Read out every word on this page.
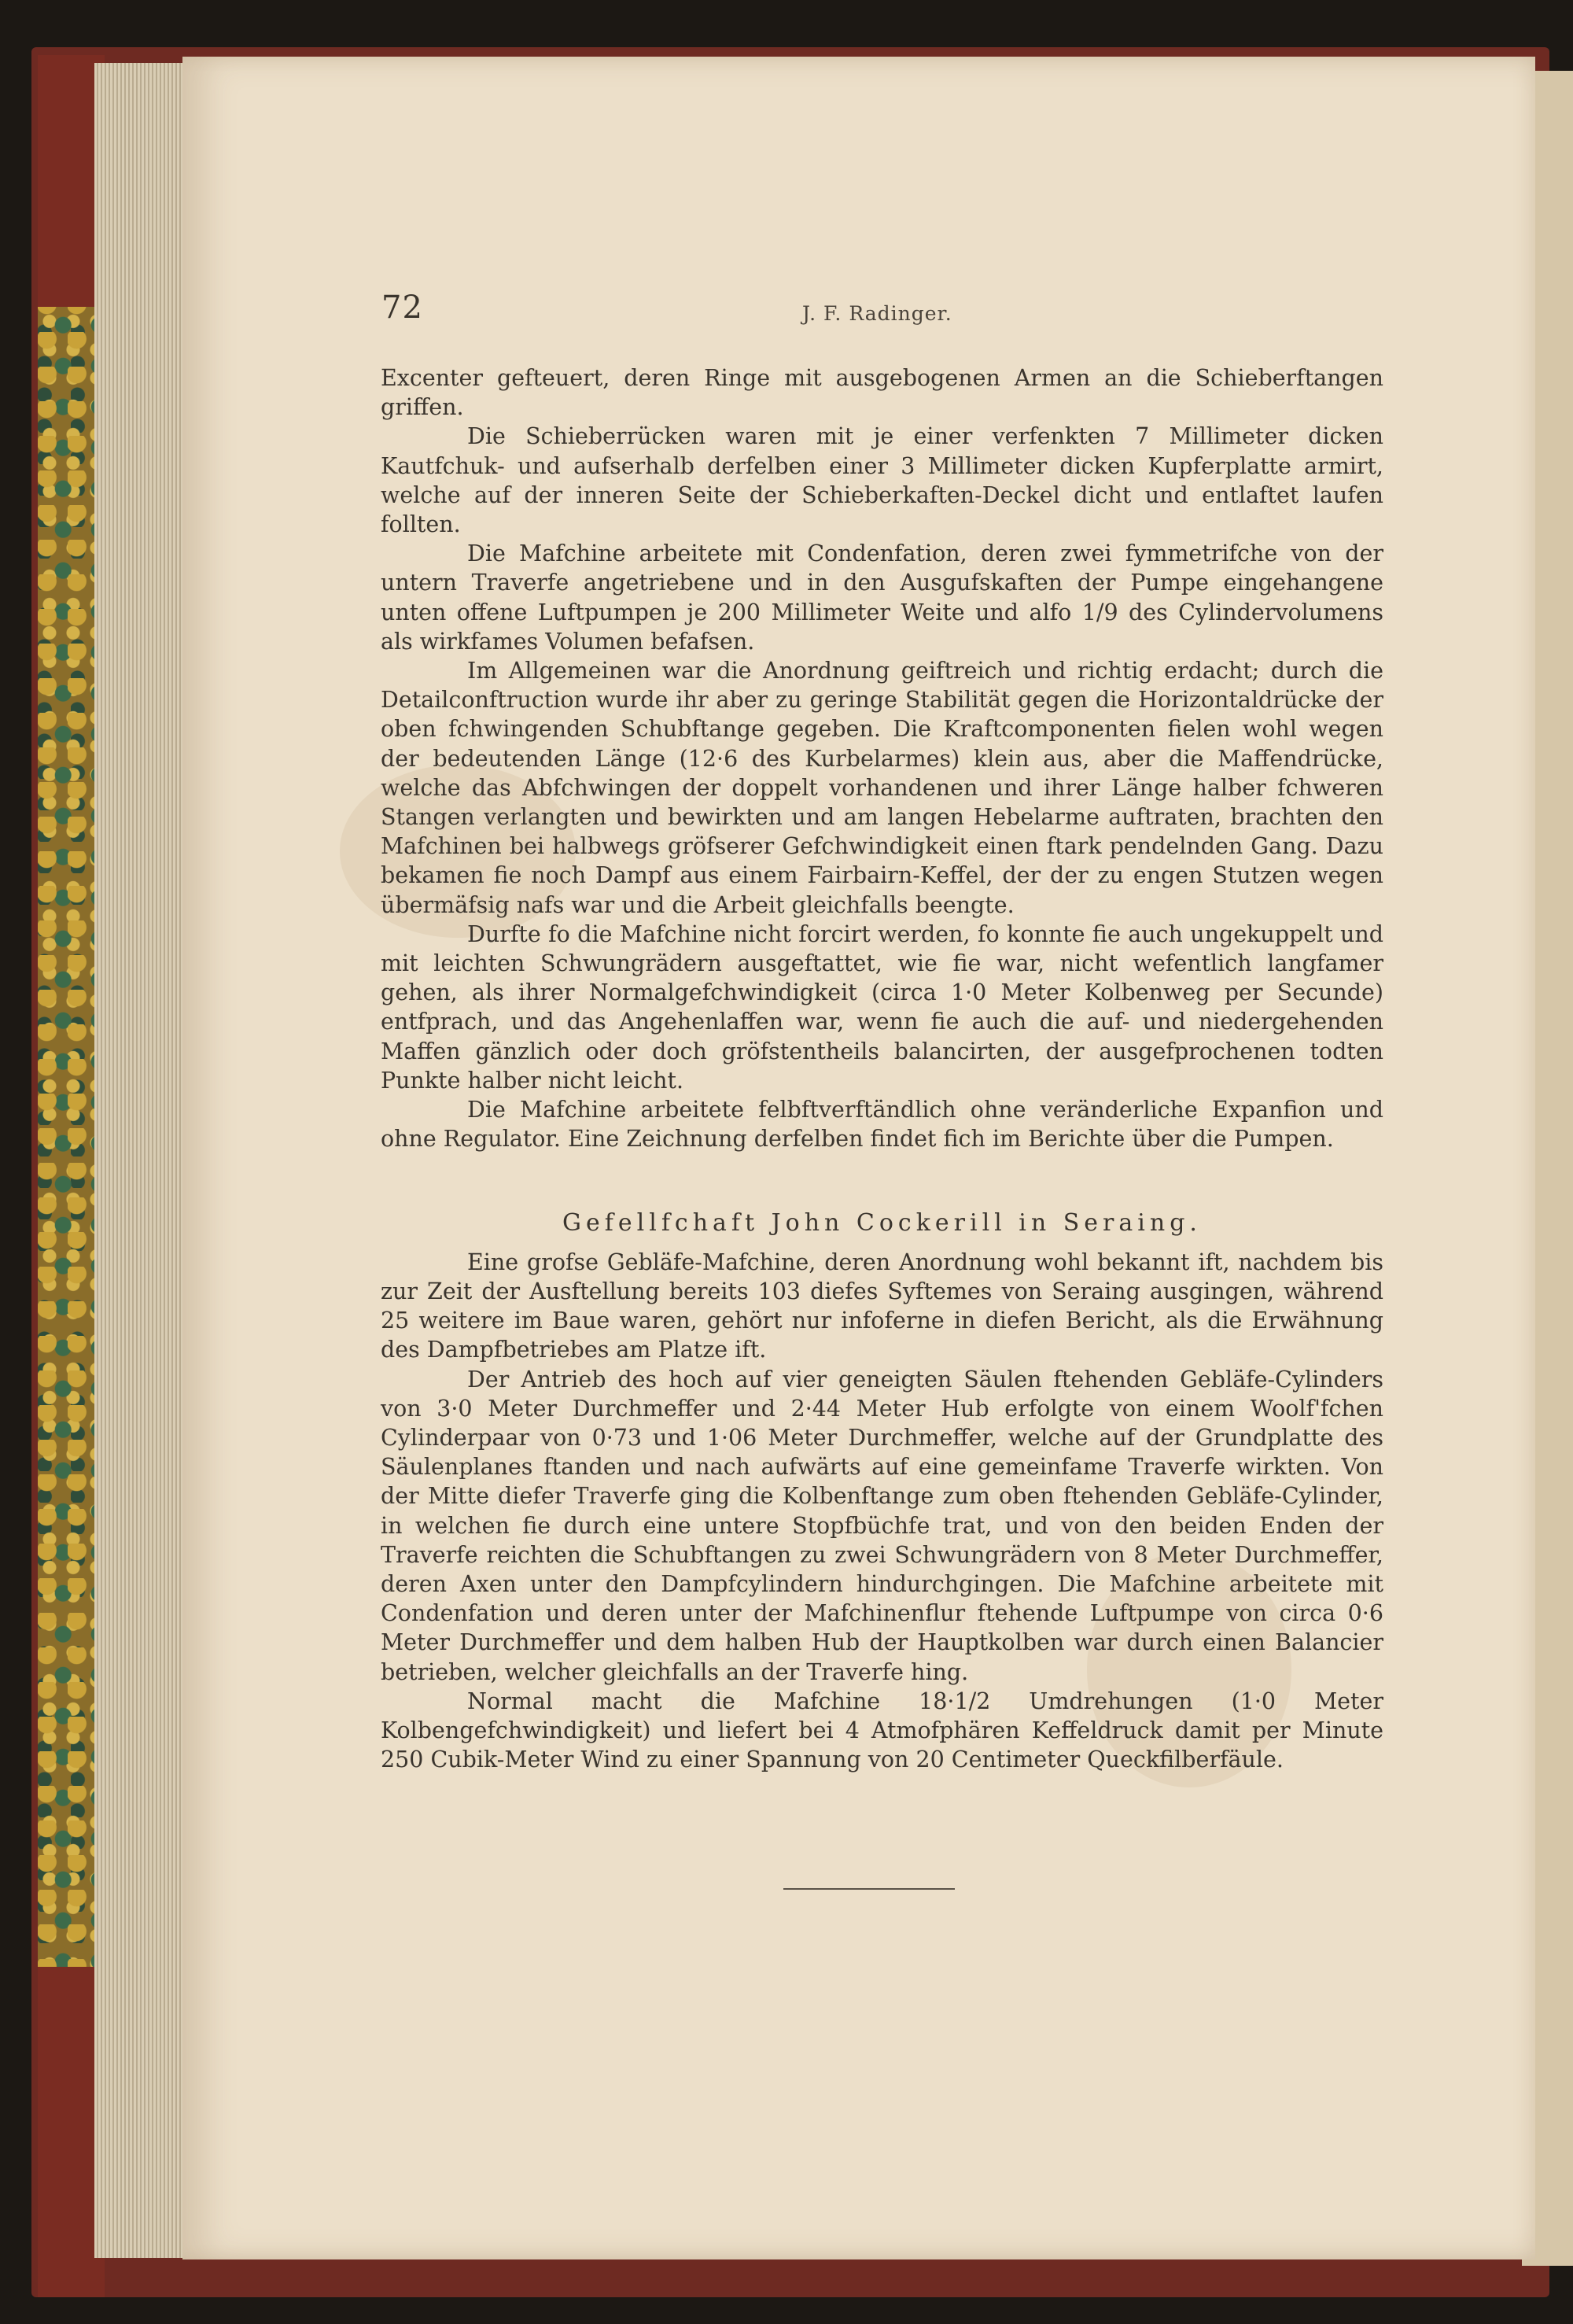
72	J. F. Radinger.

Excenter gefteuert, deren Ringe mit ausgebogenen Armen an die Schieberftangen griffen.

Die Schieberrücken waren mit je einer verfenkten 7 Millimeter dicken Kautfchuk- und aufserhalb derfelben einer 3 Millimeter dicken Kupferplatte armirt, welche auf der inneren Seite der Schieberkaften-Deckel dicht und entlaftet laufen follten.

Die Mafchine arbeitete mit Condenfation, deren zwei fymmetrifche von der untern Traverfe angetriebene und in den Ausgufskaften der Pumpe eingehangene unten offene Luftpumpen je 200 Millimeter Weite und alfo 1/9 des Cylindervolumens als wirkfames Volumen befafsen.

Im Allgemeinen war die Anordnung geiftreich und richtig erdacht; durch die Detailconftruction wurde ihr aber zu geringe Stabilität gegen die Horizontaldrücke der oben fchwingenden Schubftange gegeben. Die Kraftcomponenten fielen wohl wegen der bedeutenden Länge (12·6 des Kurbelarmes) klein aus, aber die Maffendrücke, welche das Abfchwingen der doppelt vorhandenen und ihrer Länge halber fchweren Stangen verlangten und bewirkten und am langen Hebelarme auftraten, brachten den Mafchinen bei halbwegs gröfserer Gefchwindigkeit einen ftark pendelnden Gang. Dazu bekamen fie noch Dampf aus einem Fairbairn-Keffel, der der zu engen Stutzen wegen übermäfsig nafs war und die Arbeit gleichfalls beengte.

Durfte fo die Mafchine nicht forcirt werden, fo konnte fie auch ungekuppelt und mit leichten Schwungrädern ausgeftattet, wie fie war, nicht wefentlich langfamer gehen, als ihrer Normalgefchwindigkeit (circa 1·0 Meter Kolbenweg per Secunde) entfprach, und das Angehenlaffen war, wenn fie auch die auf- und niedergehenden Maffen gänzlich oder doch gröfstentheils balancirten, der ausgefprochenen todten Punkte halber nicht leicht.

Die Mafchine arbeitete felbftverftändlich ohne veränderliche Expanfion und ohne Regulator. Eine Zeichnung derfelben findet fich im Berichte über die Pumpen.

Gefellfchaft John Cockerill in Seraing.

Eine grofse Gebläfe-Mafchine, deren Anordnung wohl bekannt ift, nachdem bis zur Zeit der Ausftellung bereits 103 diefes Syftemes von Seraing ausgingen, während 25 weitere im Baue waren, gehört nur infoferne in diefen Bericht, als die Erwähnung des Dampfbetriebes am Platze ift.

Der Antrieb des hoch auf vier geneigten Säulen ftehenden Gebläfe-Cylinders von 3·0 Meter Durchmeffer und 2·44 Meter Hub erfolgte von einem Woolf'fchen Cylinderpaar von 0·73 und 1·06 Meter Durchmeffer, welche auf der Grundplatte des Säulenplanes ftanden und nach aufwärts auf eine gemeinfame Traverfe wirkten. Von der Mitte diefer Traverfe ging die Kolbenftange zum oben ftehenden Gebläfe-Cylinder, in welchen fie durch eine untere Stopfbüchfe trat, und von den beiden Enden der Traverfe reichten die Schubftangen zu zwei Schwungrädern von 8 Meter Durchmeffer, deren Axen unter den Dampfcylindern hindurchgingen. Die Mafchine arbeitete mit Condenfation und deren unter der Mafchinenflur ftehende Luftpumpe von circa 0·6 Meter Durchmeffer und dem halben Hub der Hauptkolben war durch einen Balancier betrieben, welcher gleichfalls an der Traverfe hing.

Normal macht die Mafchine 18·1/2 Umdrehungen (1·0 Meter Kolbengefchwindigkeit) und liefert bei 4 Atmofphären Keffeldruck damit per Minute 250 Cubik-Meter Wind zu einer Spannung von 20 Centimeter Queckfilberfäule.
